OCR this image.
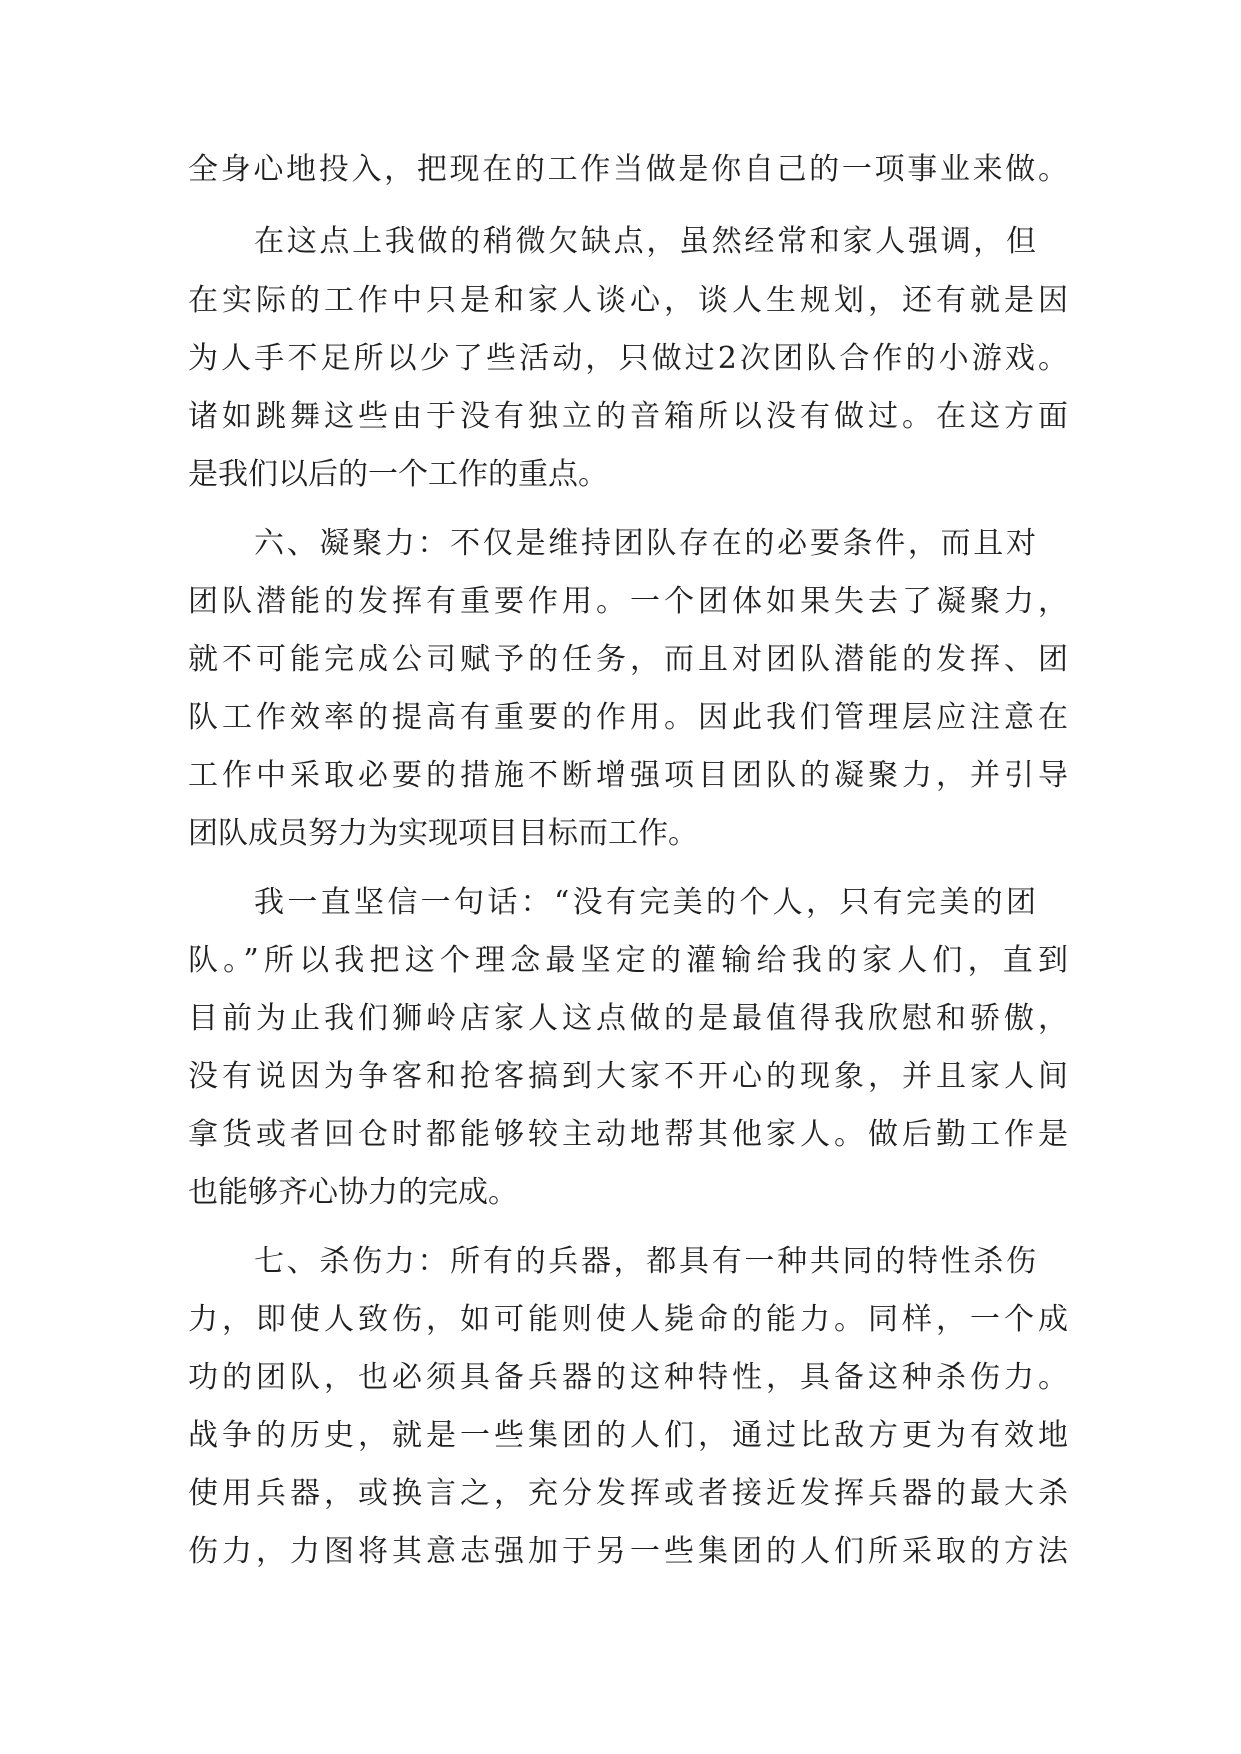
全身心地投入，把现在的工作当做是你自己的一项事业来做。
在这点上我做的稍微欠缺点，虽然经常和家人强调，但
在实际的工作中只是和家人谈心，谈人生规划，还有就是因
为人手不足所以少了些活动，只做过2次团队合作的小游戏。
诸如跳舞这些由于没有独立的音箱所以没有做过。在这方面
是我们以后的一个工作的重点。
六、凝聚力：不仅是维持团队存在的必要条件，而且对
团队潜能的发挥有重要作用。一个团体如果失去了凝聚力，
就不可能完成公司赋予的任务，而且对团队潜能的发挥、团
队工作效率的提高有重要的作用。因此我们管理层应注意在
工作中采取必要的措施不断增强项目团队的凝聚力，并引导
团队成员努力为实现项目目标而工作。
我一直坚信一句话：“没有完美的个人，只有完美的团
队。”所以我把这个理念最坚定的灌输给我的家人们，直到
目前为止我们狮岭店家人这点做的是最值得我欣慰和骄傲，
没有说因为争客和抢客搞到大家不开心的现象，并且家人间
拿货或者回仓时都能够较主动地帮其他家人。做后勤工作是
也能够齐心协力的完成。
七、杀伤力：所有的兵器，都具有一种共同的特性杀伤
力，即使人致伤，如可能则使人毙命的能力。同样，一个成
功的团队，也必须具备兵器的这种特性，具备这种杀伤力。
战争的历史，就是一些集团的人们，通过比敌方更为有效地
使用兵器，或换言之，充分发挥或者接近发挥兵器的最大杀
伤力，力图将其意志强加于另一些集团的人们所采取的方法
